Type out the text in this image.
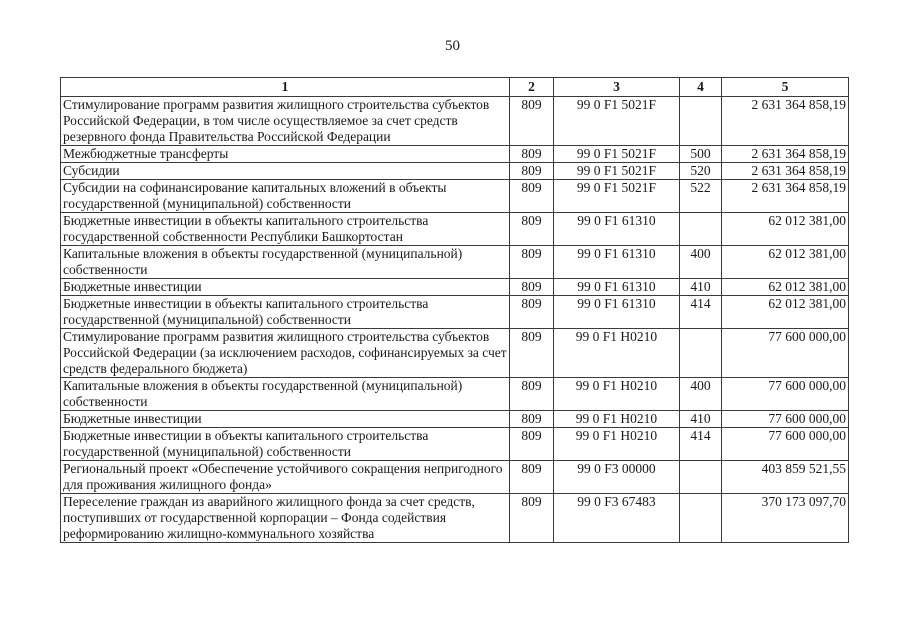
50
1	2	3	4	5
Стимулирование программ развития жилищного строительства субъектов Российской Федерации, в том числе осуществляемое за счет средств резервного фонда Правительства Российской Федерации	809	99 0 F1 5021F		2 631 364 858,19
Межбюджетные трансферты	809	99 0 F1 5021F	500	2 631 364 858,19
Субсидии	809	99 0 F1 5021F	520	2 631 364 858,19
Субсидии на софинансирование капитальных вложений в объекты государственной (муниципальной) собственности	809	99 0 F1 5021F	522	2 631 364 858,19
Бюджетные инвестиции в объекты капитального строительства государственной собственности Республики Башкортостан	809	99 0 F1 61310		62 012 381,00
Капитальные вложения в объекты государственной (муниципальной) собственности	809	99 0 F1 61310	400	62 012 381,00
Бюджетные инвестиции	809	99 0 F1 61310	410	62 012 381,00
Бюджетные инвестиции в объекты капитального строительства государственной (муниципальной) собственности	809	99 0 F1 61310	414	62 012 381,00
Стимулирование программ развития жилищного строительства субъектов Российской Федерации (за исключением расходов, софинансируемых за счет средств федерального бюджета)	809	99 0 F1 H0210		77 600 000,00
Капитальные вложения в объекты государственной (муниципальной) собственности	809	99 0 F1 H0210	400	77 600 000,00
Бюджетные инвестиции	809	99 0 F1 H0210	410	77 600 000,00
Бюджетные инвестиции в объекты капитального строительства государственной (муниципальной) собственности	809	99 0 F1 H0210	414	77 600 000,00
Региональный проект «Обеспечение устойчивого сокращения непригодного для проживания жилищного фонда»	809	99 0 F3 00000		403 859 521,55
Переселение граждан из аварийного жилищного фонда за счет средств, поступивших от государственной корпорации – Фонда содействия реформированию жилищно-коммунального хозяйства	809	99 0 F3 67483		370 173 097,70
